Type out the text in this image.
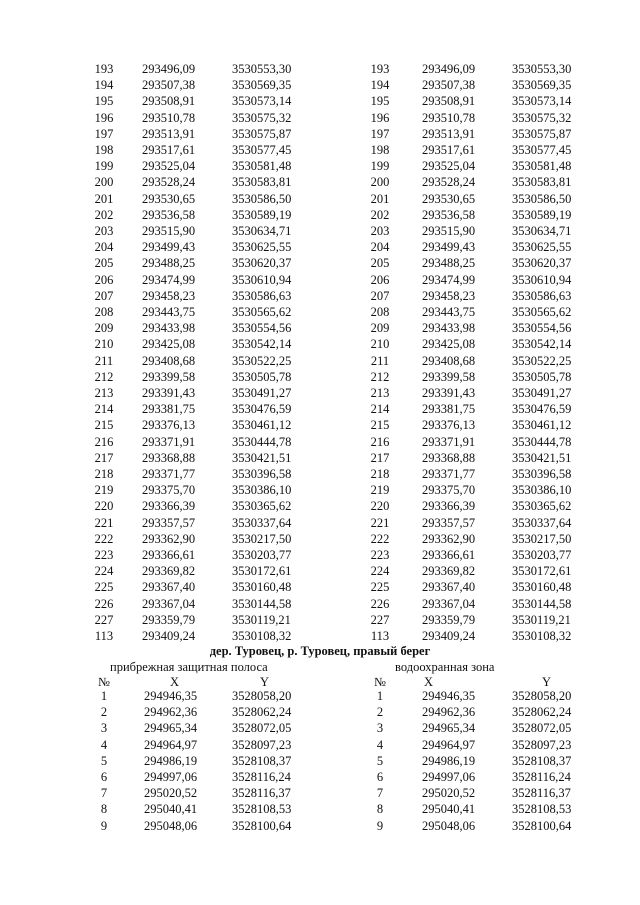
193	293496,09	3530553,30
194	293507,38	3530569,35
195	293508,91	3530573,14
196	293510,78	3530575,32
197	293513,91	3530575,87
198	293517,61	3530577,45
199	293525,04	3530581,48
200	293528,24	3530583,81
201	293530,65	3530586,50
202	293536,58	3530589,19
203	293515,90	3530634,71
204	293499,43	3530625,55
205	293488,25	3530620,37
206	293474,99	3530610,94
207	293458,23	3530586,63
208	293443,75	3530565,62
209	293433,98	3530554,56
210	293425,08	3530542,14
211	293408,68	3530522,25
212	293399,58	3530505,78
213	293391,43	3530491,27
214	293381,75	3530476,59
215	293376,13	3530461,12
216	293371,91	3530444,78
217	293368,88	3530421,51
218	293371,77	3530396,58
219	293375,70	3530386,10
220	293366,39	3530365,62
221	293357,57	3530337,64
222	293362,90	3530217,50
223	293366,61	3530203,77
224	293369,82	3530172,61
225	293367,40	3530160,48
226	293367,04	3530144,58
227	293359,79	3530119,21
113	293409,24	3530108,32
193	293496,09	3530553,30
194	293507,38	3530569,35
195	293508,91	3530573,14
196	293510,78	3530575,32
197	293513,91	3530575,87
198	293517,61	3530577,45
199	293525,04	3530581,48
200	293528,24	3530583,81
201	293530,65	3530586,50
202	293536,58	3530589,19
203	293515,90	3530634,71
204	293499,43	3530625,55
205	293488,25	3530620,37
206	293474,99	3530610,94
207	293458,23	3530586,63
208	293443,75	3530565,62
209	293433,98	3530554,56
210	293425,08	3530542,14
211	293408,68	3530522,25
212	293399,58	3530505,78
213	293391,43	3530491,27
214	293381,75	3530476,59
215	293376,13	3530461,12
216	293371,91	3530444,78
217	293368,88	3530421,51
218	293371,77	3530396,58
219	293375,70	3530386,10
220	293366,39	3530365,62
221	293357,57	3530337,64
222	293362,90	3530217,50
223	293366,61	3530203,77
224	293369,82	3530172,61
225	293367,40	3530160,48
226	293367,04	3530144,58
227	293359,79	3530119,21
113	293409,24	3530108,32
дер. Туровец, р. Туровец, правый берег
прибрежная защитная полоса	водоохранная зона
№	X	Y	№	X	Y
1	294946,35	3528058,20
2	294962,36	3528062,24
3	294965,34	3528072,05
4	294964,97	3528097,23
5	294986,19	3528108,37
6	294997,06	3528116,24
7	295020,52	3528116,37
8	295040,41	3528108,53
9	295048,06	3528100,64
1	294946,35	3528058,20
2	294962,36	3528062,24
3	294965,34	3528072,05
4	294964,97	3528097,23
5	294986,19	3528108,37
6	294997,06	3528116,24
7	295020,52	3528116,37
8	295040,41	3528108,53
9	295048,06	3528100,64
